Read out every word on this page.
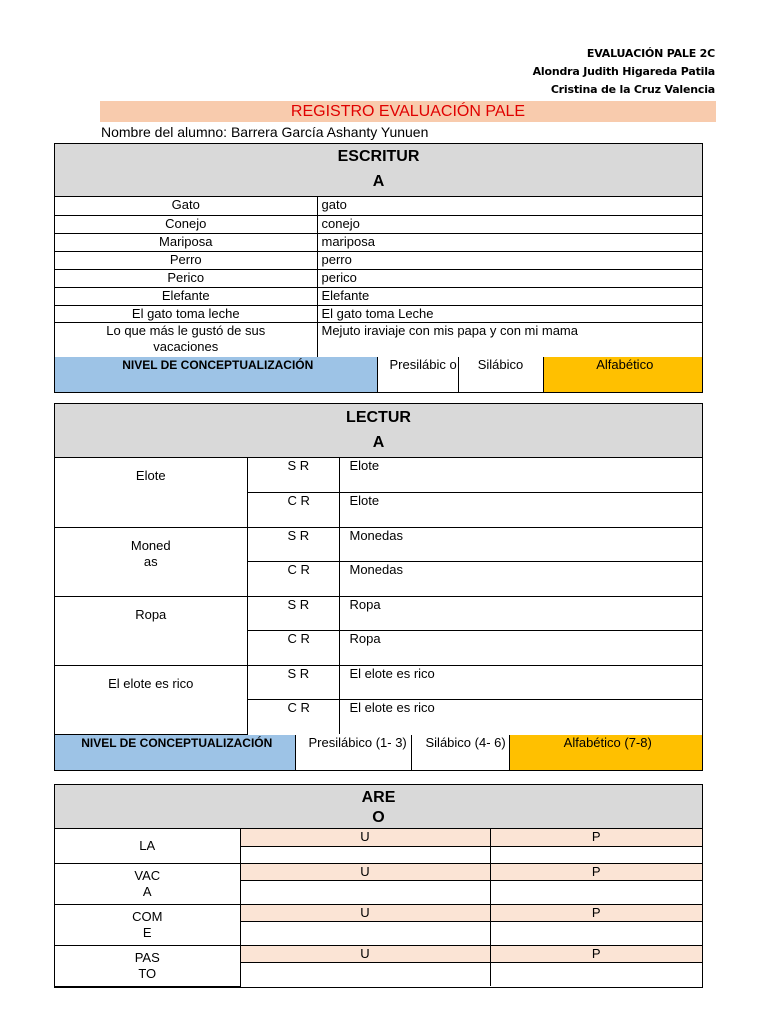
EVALUACIÓN PALE 2C
Alondra Judith Higareda Patila
Cristina de la Cruz Valencia
REGISTRO EVALUACIÓN PALE
Nombre del alumno: Barrera García Ashanty Yunuen
ESCRITUR
A
Gato	gato
Conejo	conejo
Mariposa	mariposa
Perro	perro
Perico	perico
Elefante	Elefante
El gato toma leche	El gato toma Leche
Lo que más le gustó de sus vacaciones	Mejuto iraviaje con mis papa y con mi mama
NIVEL DE CONCEPTUALIZACIÓN	Presilábic o	Silábico	Alfabético
LECTUR
A
Elote	S R	Elote
	C R	Elote
Moned as	S R	Monedas
	C R	Monedas
Ropa	S R	Ropa
	C R	Ropa
El elote es rico	S R	El elote es rico
	C R	El elote es rico
NIVEL DE CONCEPTUALIZACIÓN	Presilábico (1- 3)	Silábico (4- 6)	Alfabético (7-8)
ARE
O
LA	U	P

VAC A	U	P

COM E	U	P

PAS TO	U	P
